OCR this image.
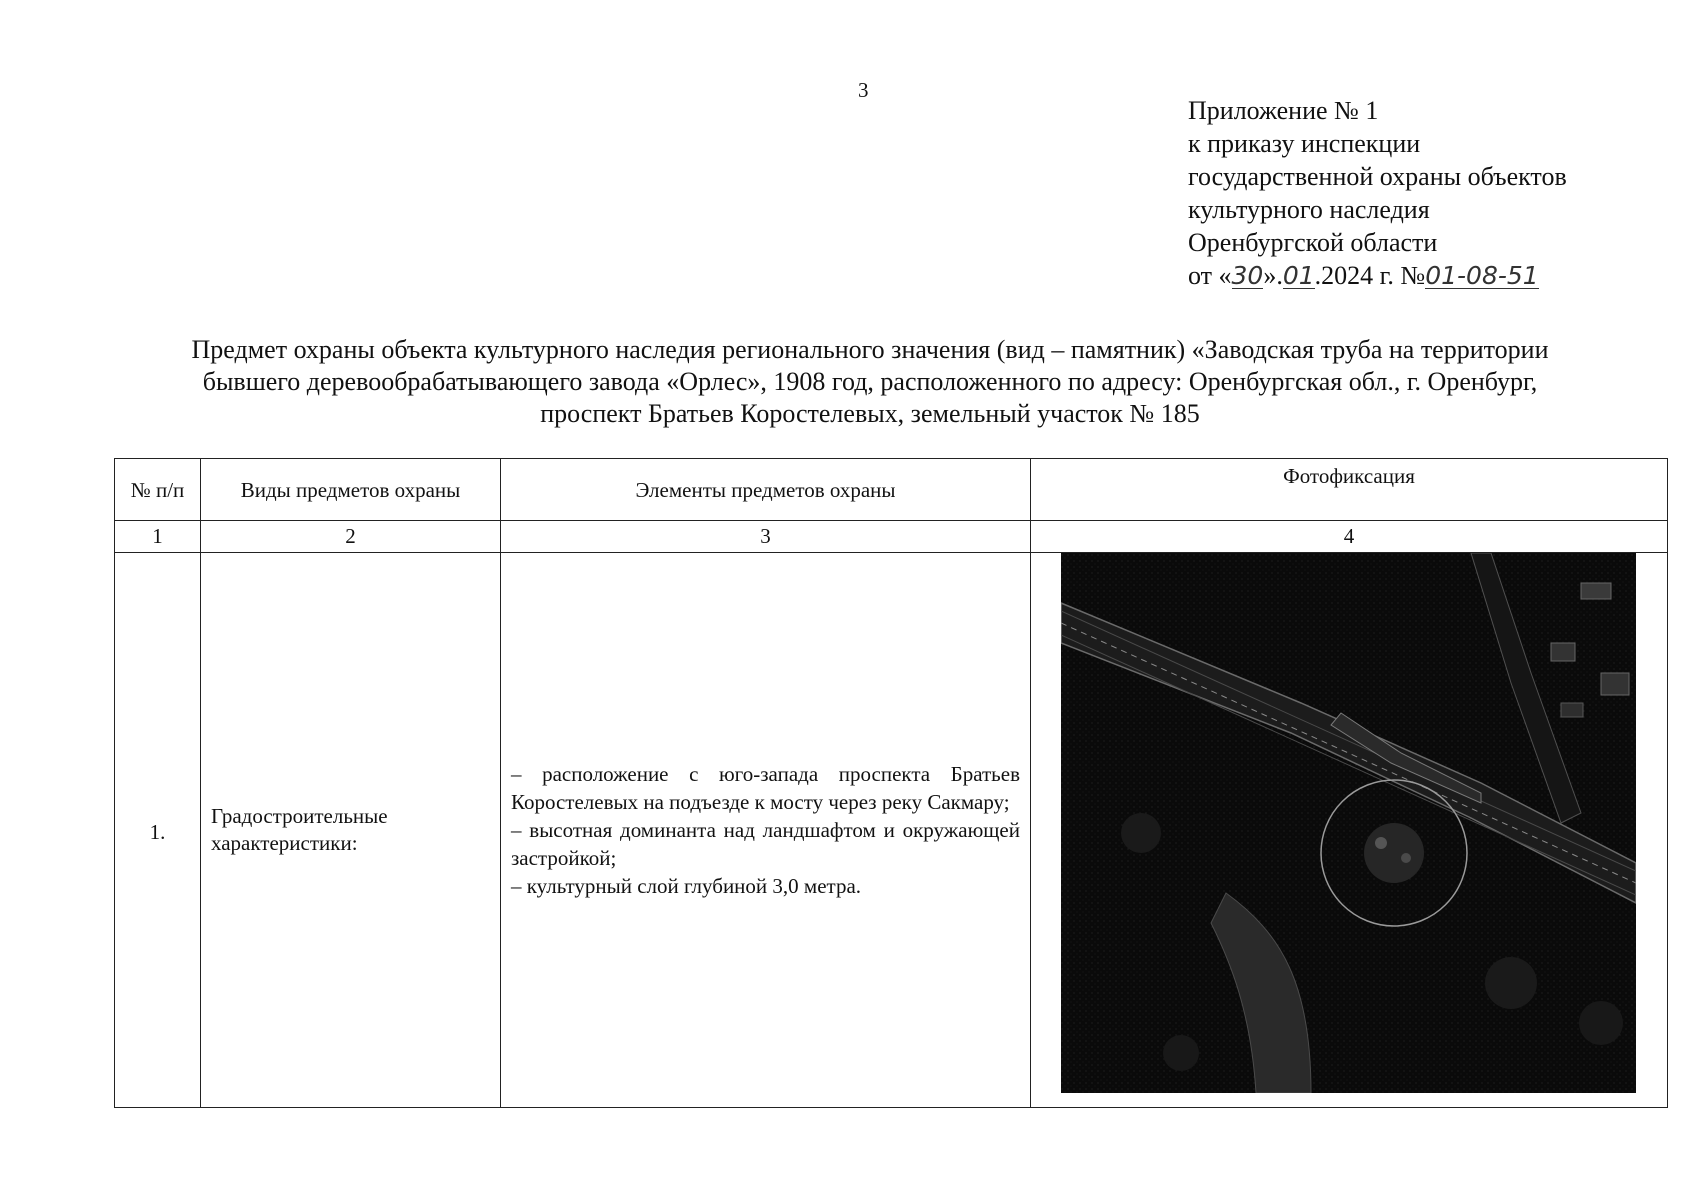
3
Приложение № 1
к приказу инспекции
государственной охраны объектов
культурного наследия
Оренбургской области
от «30».01.2024 г. №01-08-51
Предмет охраны объекта культурного наследия регионального значения (вид – памятник) «Заводская труба на территории
бывшего деревообрабатывающего завода «Орлес», 1908 год, расположенного по адресу: Оренбургская обл., г. Оренбург,
проспект Братьев Коростелевых, земельный участок № 185
№ п/п	Виды предметов охраны	Элементы предметов охраны	Фотофиксация
1	2	3	4
1.	Градостроительные характеристики:	– расположение с юго-запада проспекта Братьев Коростелевых на подъезде к мосту через реку Сакмару;

– высотная доминанта над ландшафтом и окружающей застройкой;

– культурный слой глубиной 3,0 метра.
